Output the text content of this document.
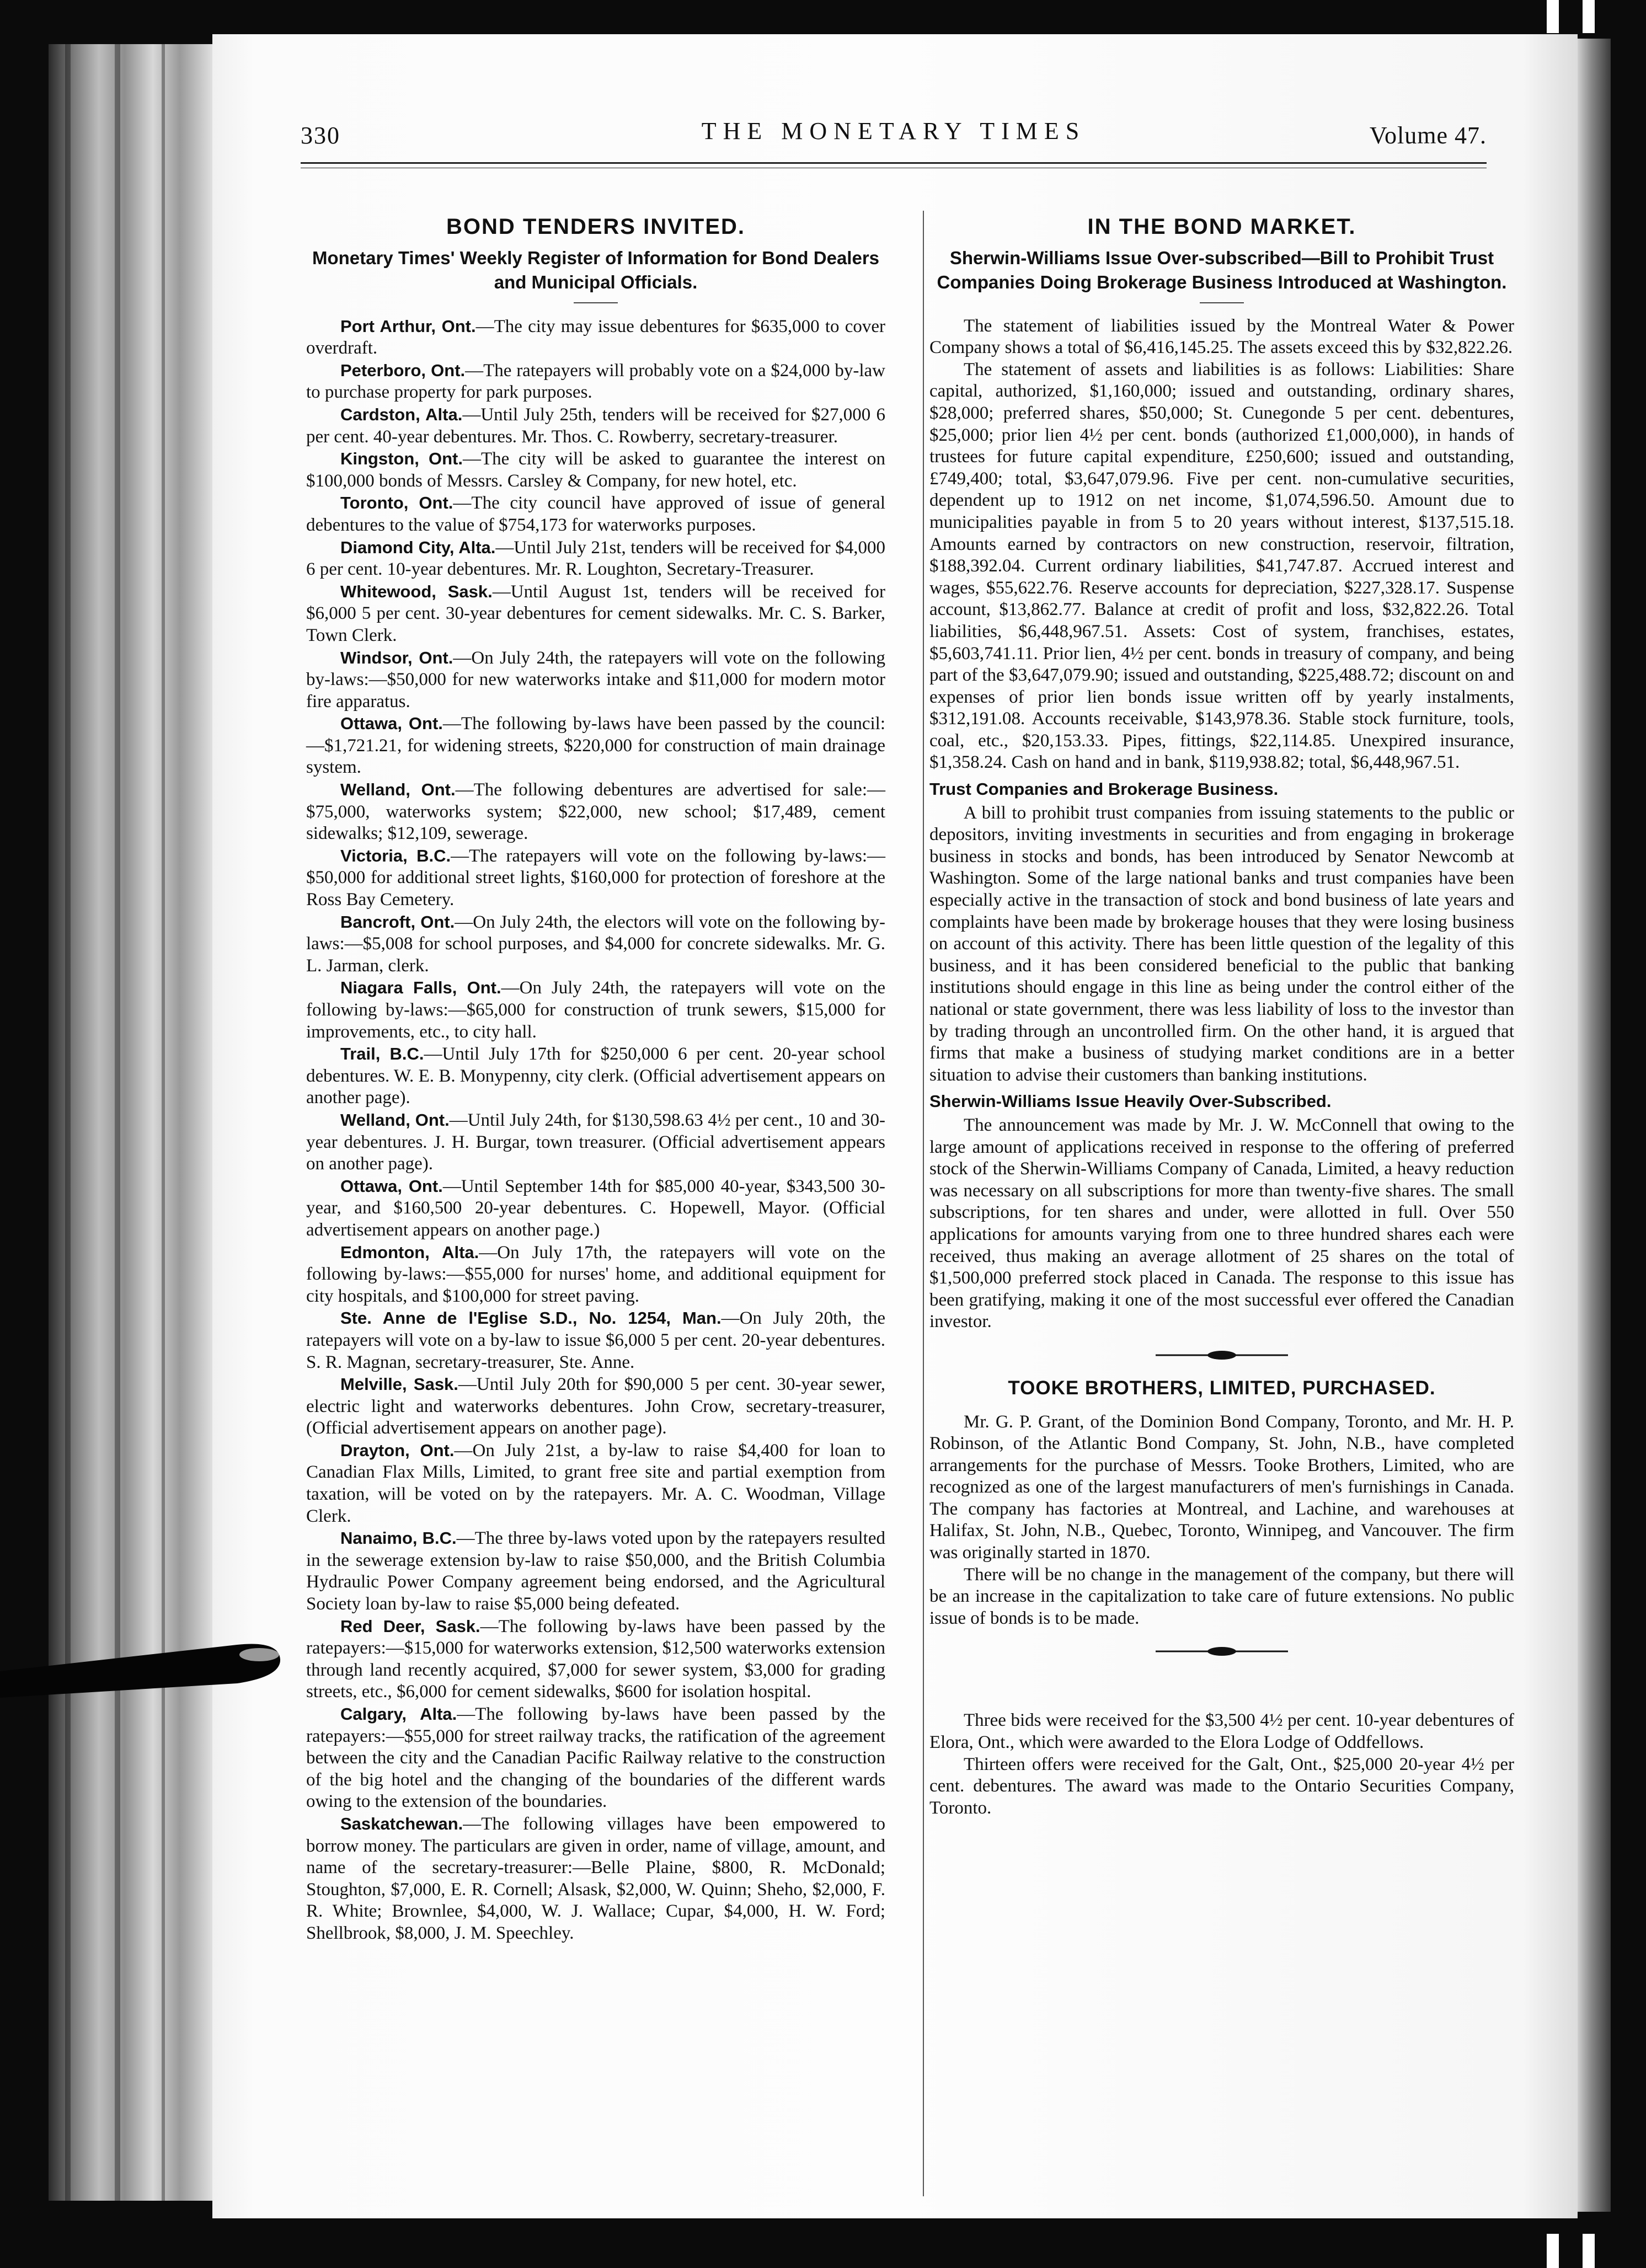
330	THE MONETARY TIMES	Volume 47.
BOND TENDERS INVITED.
Monetary Times' Weekly Register of Information for Bond Dealers and Municipal Officials.

Port Arthur, Ont.—The city may issue debentures for $635,000 to cover overdraft.

Peterboro, Ont.—The ratepayers will probably vote on a $24,000 by-law to purchase property for park purposes.

Cardston, Alta.—Until July 25th, tenders will be received for $27,000 6 per cent. 40-year debentures. Mr. Thos. C. Rowberry, secretary-treasurer.

Kingston, Ont.—The city will be asked to guarantee the interest on $100,000 bonds of Messrs. Carsley & Company, for new hotel, etc.

Toronto, Ont.—The city council have approved of issue of general debentures to the value of $754,173 for waterworks purposes.

Diamond City, Alta.—Until July 21st, tenders will be received for $4,000 6 per cent. 10-year debentures. Mr. R. Loughton, Secretary-Treasurer.

Whitewood, Sask.—Until August 1st, tenders will be received for $6,000 5 per cent. 30-year debentures for cement sidewalks. Mr. C. S. Barker, Town Clerk.

Windsor, Ont.—On July 24th, the ratepayers will vote on the following by-laws:—$50,000 for new waterworks intake and $11,000 for modern motor fire apparatus.

Ottawa, Ont.—The following by-laws have been passed by the council:—$1,721.21, for widening streets, $220,000 for construction of main drainage system.

Welland, Ont.—The following debentures are advertised for sale:—$75,000, waterworks system; $22,000, new school; $17,489, cement sidewalks; $12,109, sewerage.

Victoria, B.C.—The ratepayers will vote on the following by-laws:—$50,000 for additional street lights, $160,000 for protection of foreshore at the Ross Bay Cemetery.

Bancroft, Ont.—On July 24th, the electors will vote on the following by-laws:—$5,008 for school purposes, and $4,000 for concrete sidewalks. Mr. G. L. Jarman, clerk.

Niagara Falls, Ont.—On July 24th, the ratepayers will vote on the following by-laws:—$65,000 for construction of trunk sewers, $15,000 for improvements, etc., to city hall.

Trail, B.C.—Until July 17th for $250,000 6 per cent. 20-year school debentures. W. E. B. Monypenny, city clerk. (Official advertisement appears on another page).

Welland, Ont.—Until July 24th, for $130,598.63 4½ per cent., 10 and 30-year debentures. J. H. Burgar, town treasurer. (Official advertisement appears on another page).

Ottawa, Ont.—Until September 14th for $85,000 40-year, $343,500 30-year, and $160,500 20-year debentures. C. Hopewell, Mayor. (Official advertisement appears on another page.)

Edmonton, Alta.—On July 17th, the ratepayers will vote on the following by-laws:—$55,000 for nurses' home, and additional equipment for city hospitals, and $100,000 for street paving.

Ste. Anne de l'Eglise S.D., No. 1254, Man.—On July 20th, the ratepayers will vote on a by-law to issue $6,000 5 per cent. 20-year debentures. S. R. Magnan, secretary-treasurer, Ste. Anne.

Melville, Sask.—Until July 20th for $90,000 5 per cent. 30-year sewer, electric light and waterworks debentures. John Crow, secretary-treasurer, (Official advertisement appears on another page).

Drayton, Ont.—On July 21st, a by-law to raise $4,400 for loan to Canadian Flax Mills, Limited, to grant free site and partial exemption from taxation, will be voted on by the ratepayers. Mr. A. C. Woodman, Village Clerk.

Nanaimo, B.C.—The three by-laws voted upon by the ratepayers resulted in the sewerage extension by-law to raise $50,000, and the British Columbia Hydraulic Power Company agreement being endorsed, and the Agricultural Society loan by-law to raise $5,000 being defeated.

Red Deer, Sask.—The following by-laws have been passed by the ratepayers:—$15,000 for waterworks extension, $12,500 waterworks extension through land recently acquired, $7,000 for sewer system, $3,000 for grading streets, etc., $6,000 for cement sidewalks, $600 for isolation hospital.

Calgary, Alta.—The following by-laws have been passed by the ratepayers:—$55,000 for street railway tracks, the ratification of the agreement between the city and the Canadian Pacific Railway relative to the construction of the big hotel and the changing of the boundaries of the different wards owing to the extension of the boundaries.

Saskatchewan.—The following villages have been empowered to borrow money. The particulars are given in order, name of village, amount, and name of the secretary-treasurer:—Belle Plaine, $800, R. McDonald; Stoughton, $7,000, E. R. Cornell; Alsask, $2,000, W. Quinn; Sheho, $2,000, F. R. White; Brownlee, $4,000, W. J. Wallace; Cupar, $4,000, H. W. Ford; Shellbrook, $8,000, J. M. Speechley.

IN THE BOND MARKET.
Sherwin-Williams Issue Over-subscribed—Bill to Prohibit Trust Companies Doing Brokerage Business Introduced at Washington.

The statement of liabilities issued by the Montreal Water & Power Company shows a total of $6,416,145.25. The assets exceed this by $32,822.26.

The statement of assets and liabilities is as follows: Liabilities: Share capital, authorized, $1,160,000; issued and outstanding, ordinary shares, $28,000; preferred shares, $50,000; St. Cunegonde 5 per cent. debentures, $25,000; prior lien 4½ per cent. bonds (authorized £1,000,000), in hands of trustees for future capital expenditure, £250,600; issued and outstanding, £749,400; total, $3,647,079.96. Five per cent. non-cumulative securities, dependent up to 1912 on net income, $1,074,596.50. Amount due to municipalities payable in from 5 to 20 years without interest, $137,515.18. Amounts earned by contractors on new construction, reservoir, filtration, $188,392.04. Current ordinary liabilities, $41,747.87. Accrued interest and wages, $55,622.76. Reserve accounts for depreciation, $227,328.17. Suspense account, $13,862.77. Balance at credit of profit and loss, $32,822.26. Total liabilities, $6,448,967.51. Assets: Cost of system, franchises, estates, $5,603,741.11. Prior lien, 4½ per cent. bonds in treasury of company, and being part of the $3,647,079.90; issued and outstanding, $225,488.72; discount on and expenses of prior lien bonds issue written off by yearly instalments, $312,191.08. Accounts receivable, $143,978.36. Stable stock furniture, tools, coal, etc., $20,153.33. Pipes, fittings, $22,114.85. Unexpired insurance, $1,358.24. Cash on hand and in bank, $119,938.82; total, $6,448,967.51.

Trust Companies and Brokerage Business.

A bill to prohibit trust companies from issuing statements to the public or depositors, inviting investments in securities and from engaging in brokerage business in stocks and bonds, has been introduced by Senator Newcomb at Washington. Some of the large national banks and trust companies have been especially active in the transaction of stock and bond business of late years and complaints have been made by brokerage houses that they were losing business on account of this activity. There has been little question of the legality of this business, and it has been considered beneficial to the public that banking institutions should engage in this line as being under the control either of the national or state government, there was less liability of loss to the investor than by trading through an uncontrolled firm. On the other hand, it is argued that firms that make a business of studying market conditions are in a better situation to advise their customers than banking institutions.

Sherwin-Williams Issue Heavily Over-Subscribed.

The announcement was made by Mr. J. W. McConnell that owing to the large amount of applications received in response to the offering of preferred stock of the Sherwin-Williams Company of Canada, Limited, a heavy reduction was necessary on all subscriptions for more than twenty-five shares. The small subscriptions, for ten shares and under, were allotted in full. Over 550 applications for amounts varying from one to three hundred shares each were received, thus making an average allotment of 25 shares on the total of $1,500,000 preferred stock placed in Canada. The response to this issue has been gratifying, making it one of the most successful ever offered the Canadian investor.

TOOKE BROTHERS, LIMITED, PURCHASED.

Mr. G. P. Grant, of the Dominion Bond Company, Toronto, and Mr. H. P. Robinson, of the Atlantic Bond Company, St. John, N.B., have completed arrangements for the purchase of Messrs. Tooke Brothers, Limited, who are recognized as one of the largest manufacturers of men's furnishings in Canada. The company has factories at Montreal, and Lachine, and warehouses at Halifax, St. John, N.B., Quebec, Toronto, Winnipeg, and Vancouver. The firm was originally started in 1870.

There will be no change in the management of the company, but there will be an increase in the capitalization to take care of future extensions. No public issue of bonds is to be made.

Three bids were received for the $3,500 4½ per cent. 10-year debentures of Elora, Ont., which were awarded to the Elora Lodge of Oddfellows.

Thirteen offers were received for the Galt, Ont., $25,000 20-year 4½ per cent. debentures. The award was made to the Ontario Securities Company, Toronto.
